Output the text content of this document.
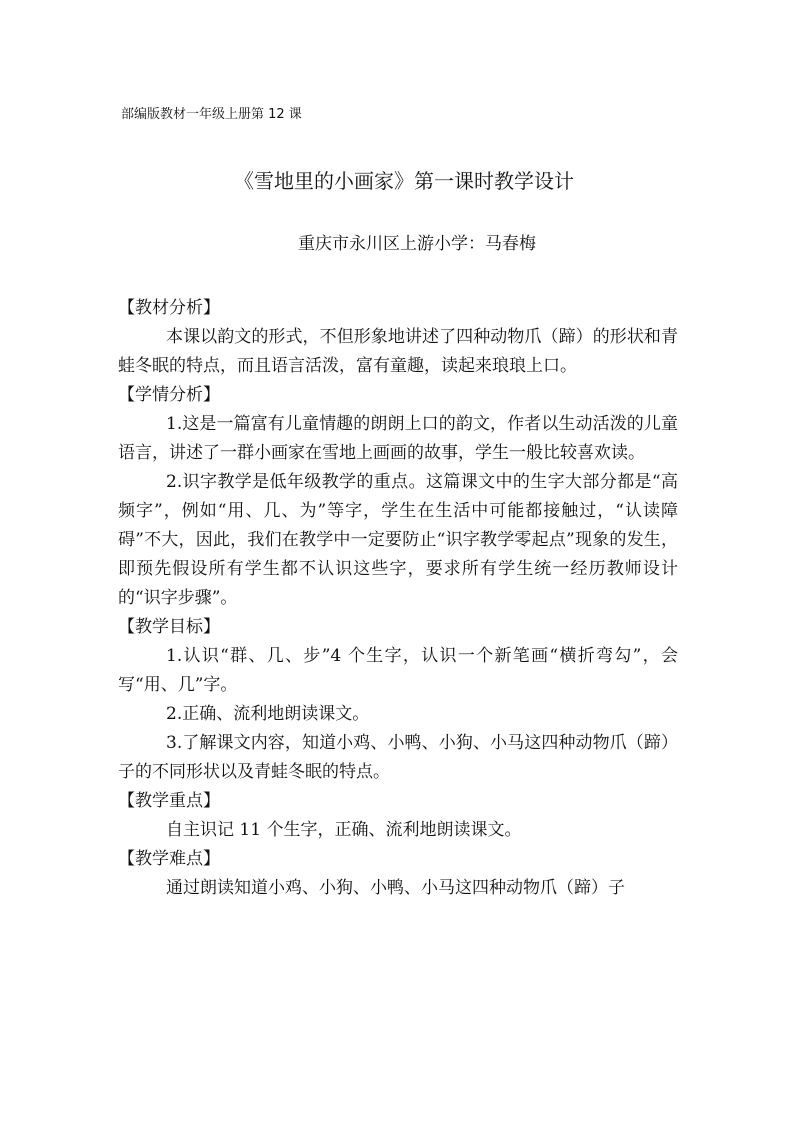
部编版教材一年级上册第 12 课
《雪地里的小画家》第一课时教学设计
重庆市永川区上游小学：马春梅
【教材分析】

本课以韵文的形式，不但形象地讲述了四种动物爪（蹄）的形状和青蛙冬眠的特点，而且语言活泼，富有童趣，读起来琅琅上口。

【学情分析】

1.这是一篇富有儿童情趣的朗朗上口的韵文，作者以生动活泼的儿童语言，讲述了一群小画家在雪地上画画的故事，学生一般比较喜欢读。

2.识字教学是低年级教学的重点。这篇课文中的生字大部分都是“高频字”，例如“用、几、为”等字，学生在生活中可能都接触过，“认读障碍”不大，因此，我们在教学中一定要防止“识字教学零起点”现象的发生，即预先假设所有学生都不认识这些字，要求所有学生统一经历教师设计的“识字步骤”。

【教学目标】

1.认识“群、几、步”4 个生字，认识一个新笔画“横折弯勾”，会写“用、几”字。

2.正确、流利地朗读课文。

3.了解课文内容，知道小鸡、小鸭、小狗、小马这四种动物爪（蹄）子的不同形状以及青蛙冬眠的特点。

【教学重点】

自主识记 11 个生字，正确、流利地朗读课文。

【教学难点】

通过朗读知道小鸡、小狗、小鸭、小马这四种动物爪（蹄）子
